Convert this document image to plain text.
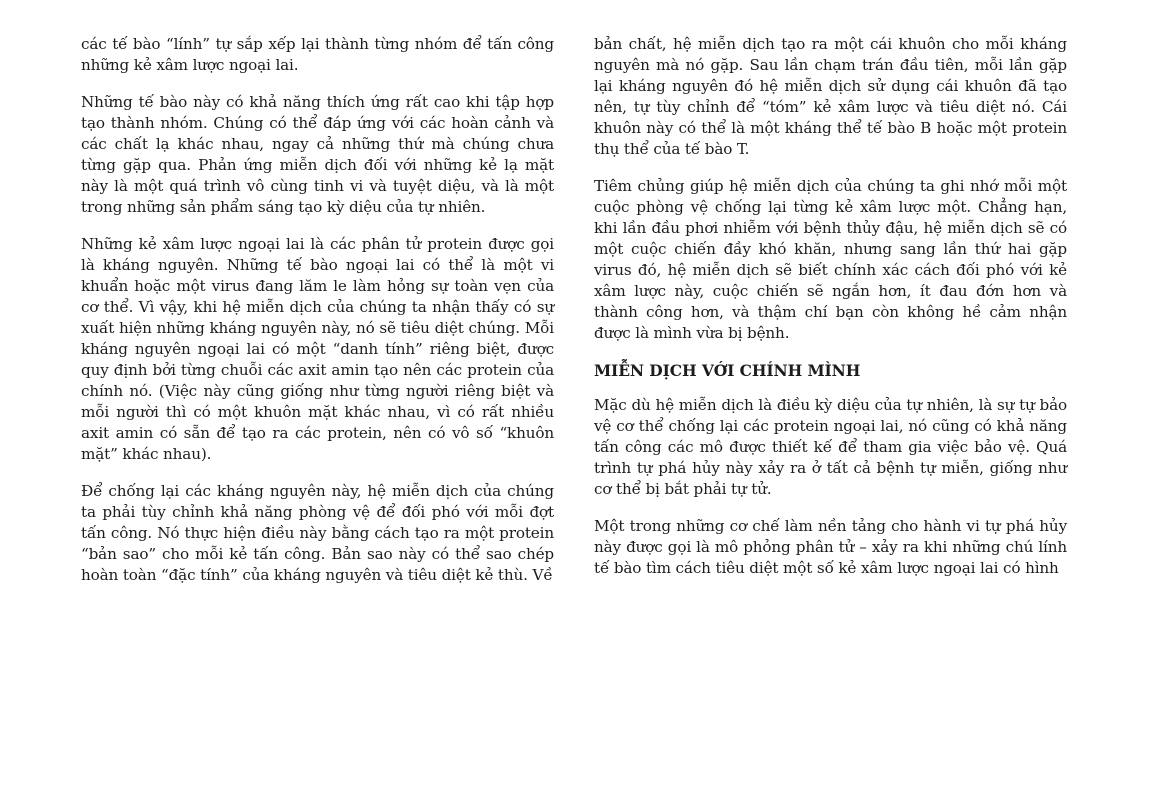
các tế bào “lính” tự sắp xếp lại thành từng nhóm để tấn công những kẻ xâm lược ngoại lai.

Những tế bào này có khả năng thích ứng rất cao khi tập hợp tạo thành nhóm. Chúng có thể đáp ứng với các hoàn cảnh và các chất lạ khác nhau, ngay cả những thứ mà chúng chưa từng gặp qua. Phản ứng miễn dịch đối với những kẻ lạ mặt này là một quá trình vô cùng tinh vi và tuyệt diệu, và là một trong những sản phẩm sáng tạo kỳ diệu của tự nhiên.

Những kẻ xâm lược ngoại lai là các phân tử protein được gọi là kháng nguyên. Những tế bào ngoại lai có thể là một vi khuẩn hoặc một virus đang lăm le làm hỏng sự toàn vẹn của cơ thể. Vì vậy, khi hệ miễn dịch của chúng ta nhận thấy có sự xuất hiện những kháng nguyên này, nó sẽ tiêu diệt chúng. Mỗi kháng nguyên ngoại lai có một “danh tính” riêng biệt, được quy định bởi từng chuỗi các axit amin tạo nên các protein của chính nó. (Việc này cũng giống như từng người riêng biệt và mỗi người thì có một khuôn mặt khác nhau, vì có rất nhiều axit amin có sẵn để tạo ra các protein, nên có vô số “khuôn mặt” khác nhau).

Để chống lại các kháng nguyên này, hệ miễn dịch của chúng ta phải tùy chỉnh khả năng phòng vệ để đối phó với mỗi đợt tấn công. Nó thực hiện điều này bằng cách tạo ra một protein “bản sao” cho mỗi kẻ tấn công. Bản sao này có thể sao chép hoàn toàn “đặc tính” của kháng nguyên và tiêu diệt kẻ thù. Về

bản chất, hệ miễn dịch tạo ra một cái khuôn cho mỗi kháng nguyên mà nó gặp. Sau lần chạm trán đầu tiên, mỗi lần gặp lại kháng nguyên đó hệ miễn dịch sử dụng cái khuôn đã tạo nên, tự tùy chỉnh để “tóm” kẻ xâm lược và tiêu diệt nó. Cái khuôn này có thể là một kháng thể tế bào B hoặc một protein thụ thể của tế bào T.

Tiêm chủng giúp hệ miễn dịch của chúng ta ghi nhớ mỗi một cuộc phòng vệ chống lại từng kẻ xâm lược một. Chẳng hạn, khi lần đầu phơi nhiễm với bệnh thủy đậu, hệ miễn dịch sẽ có một cuộc chiến đầy khó khăn, nhưng sang lần thứ hai gặp virus đó, hệ miễn dịch sẽ biết chính xác cách đối phó với kẻ xâm lược này, cuộc chiến sẽ ngắn hơn, ít đau đớn hơn và thành công hơn, và thậm chí bạn còn không hề cảm nhận được là mình vừa bị bệnh.

MIỄN DỊCH VỚI CHÍNH MÌNH

Mặc dù hệ miễn dịch là điều kỳ diệu của tự nhiên, là sự tự bảo vệ cơ thể chống lại các protein ngoại lai, nó cũng có khả năng tấn công các mô được thiết kế để tham gia việc bảo vệ. Quá trình tự phá hủy này xảy ra ở tất cả bệnh tự miễn, giống như cơ thể bị bắt phải tự tử.

Một trong những cơ chế làm nền tảng cho hành vi tự phá hủy này được gọi là mô phỏng phân tử – xảy ra khi những chú lính tế bào tìm cách tiêu diệt một số kẻ xâm lược ngoại lai có hình
